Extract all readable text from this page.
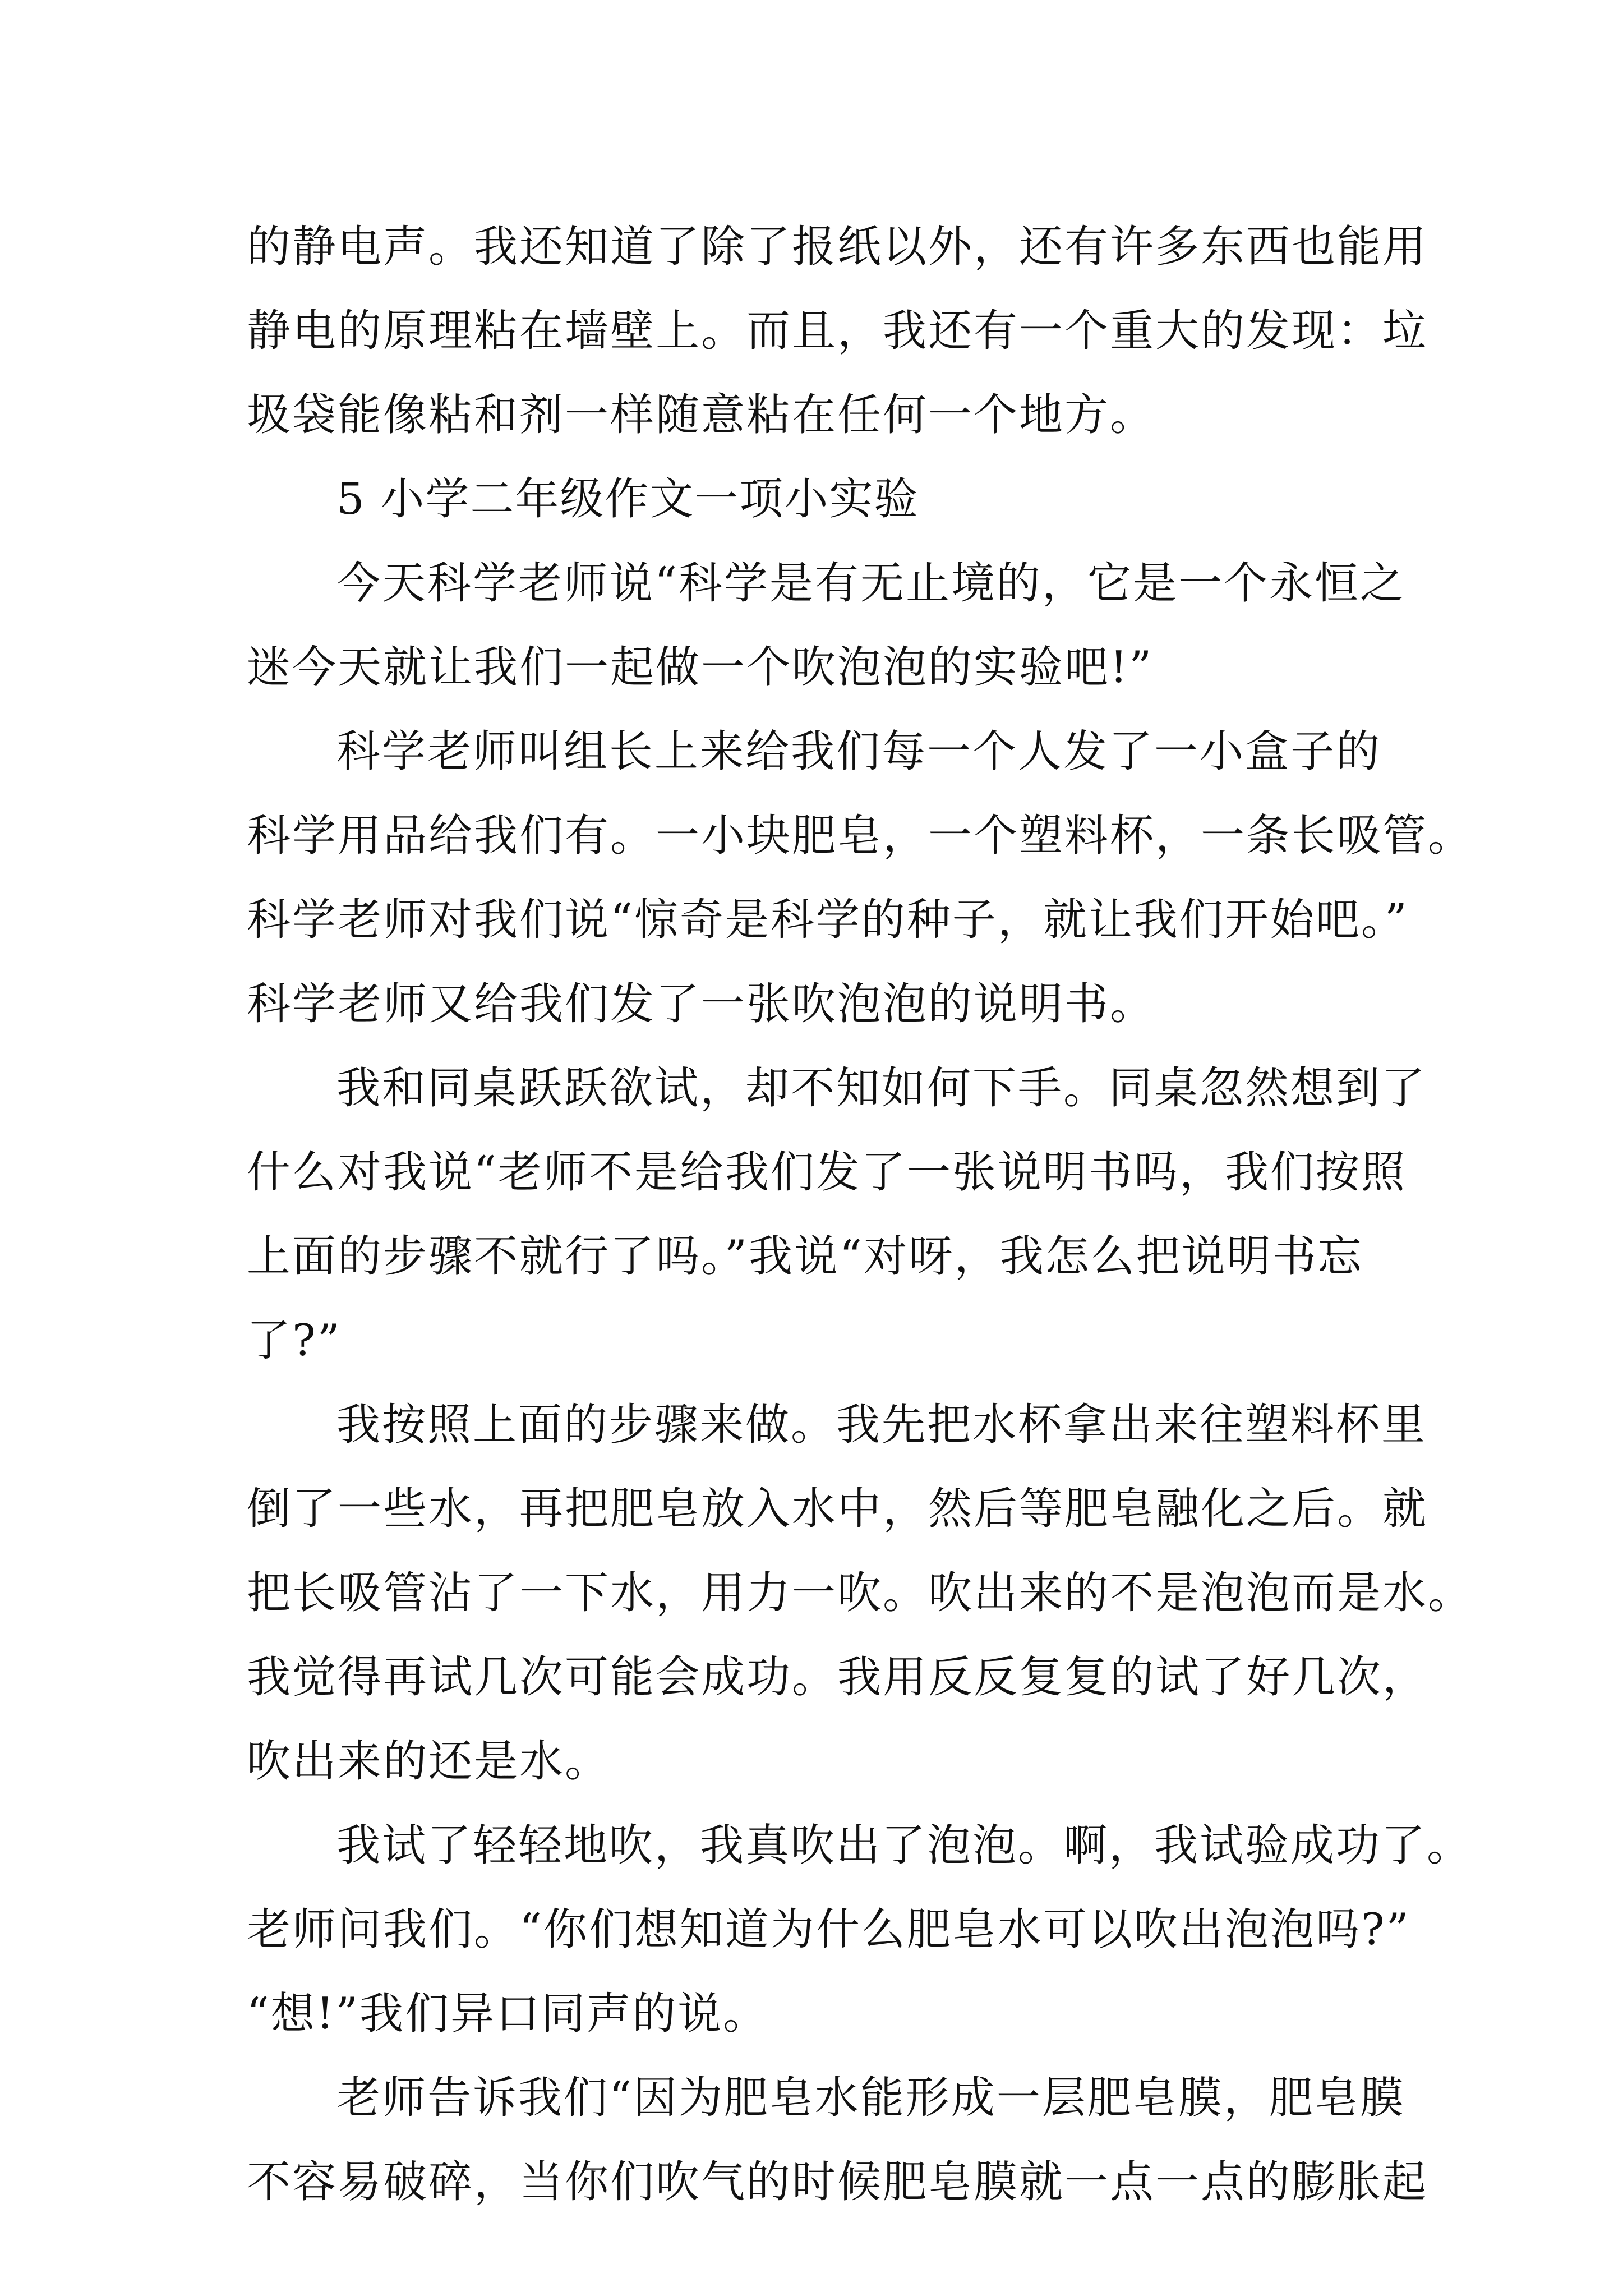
的静电声。我还知道了除了报纸以外，还有许多东西也能用
静电的原理粘在墙壁上。而且，我还有一个重大的发现：垃
圾袋能像粘和剂一样随意粘在任何一个地方。
5 小学二年级作文一项小实验
今天科学老师说“科学是有无止境的，它是一个永恒之
迷今天就让我们一起做一个吹泡泡的实验吧!”
科学老师叫组长上来给我们每一个人发了一小盒子的
科学用品给我们有。一小块肥皂，一个塑料杯，一条长吸管。
科学老师对我们说“惊奇是科学的种子，就让我们开始吧。”
科学老师又给我们发了一张吹泡泡的说明书。
我和同桌跃跃欲试，却不知如何下手。同桌忽然想到了
什么对我说“老师不是给我们发了一张说明书吗，我们按照
上面的步骤不就行了吗。”我说“对呀，我怎么把说明书忘
了?”
我按照上面的步骤来做。我先把水杯拿出来往塑料杯里
倒了一些水，再把肥皂放入水中，然后等肥皂融化之后。就
把长吸管沾了一下水，用力一吹。吹出来的不是泡泡而是水。
我觉得再试几次可能会成功。我用反反复复的试了好几次，
吹出来的还是水。
我试了轻轻地吹，我真吹出了泡泡。啊，我试验成功了。
老师问我们。“你们想知道为什么肥皂水可以吹出泡泡吗?”
“想!”我们异口同声的说。
老师告诉我们“因为肥皂水能形成一层肥皂膜，肥皂膜
不容易破碎，当你们吹气的时候肥皂膜就一点一点的膨胀起
